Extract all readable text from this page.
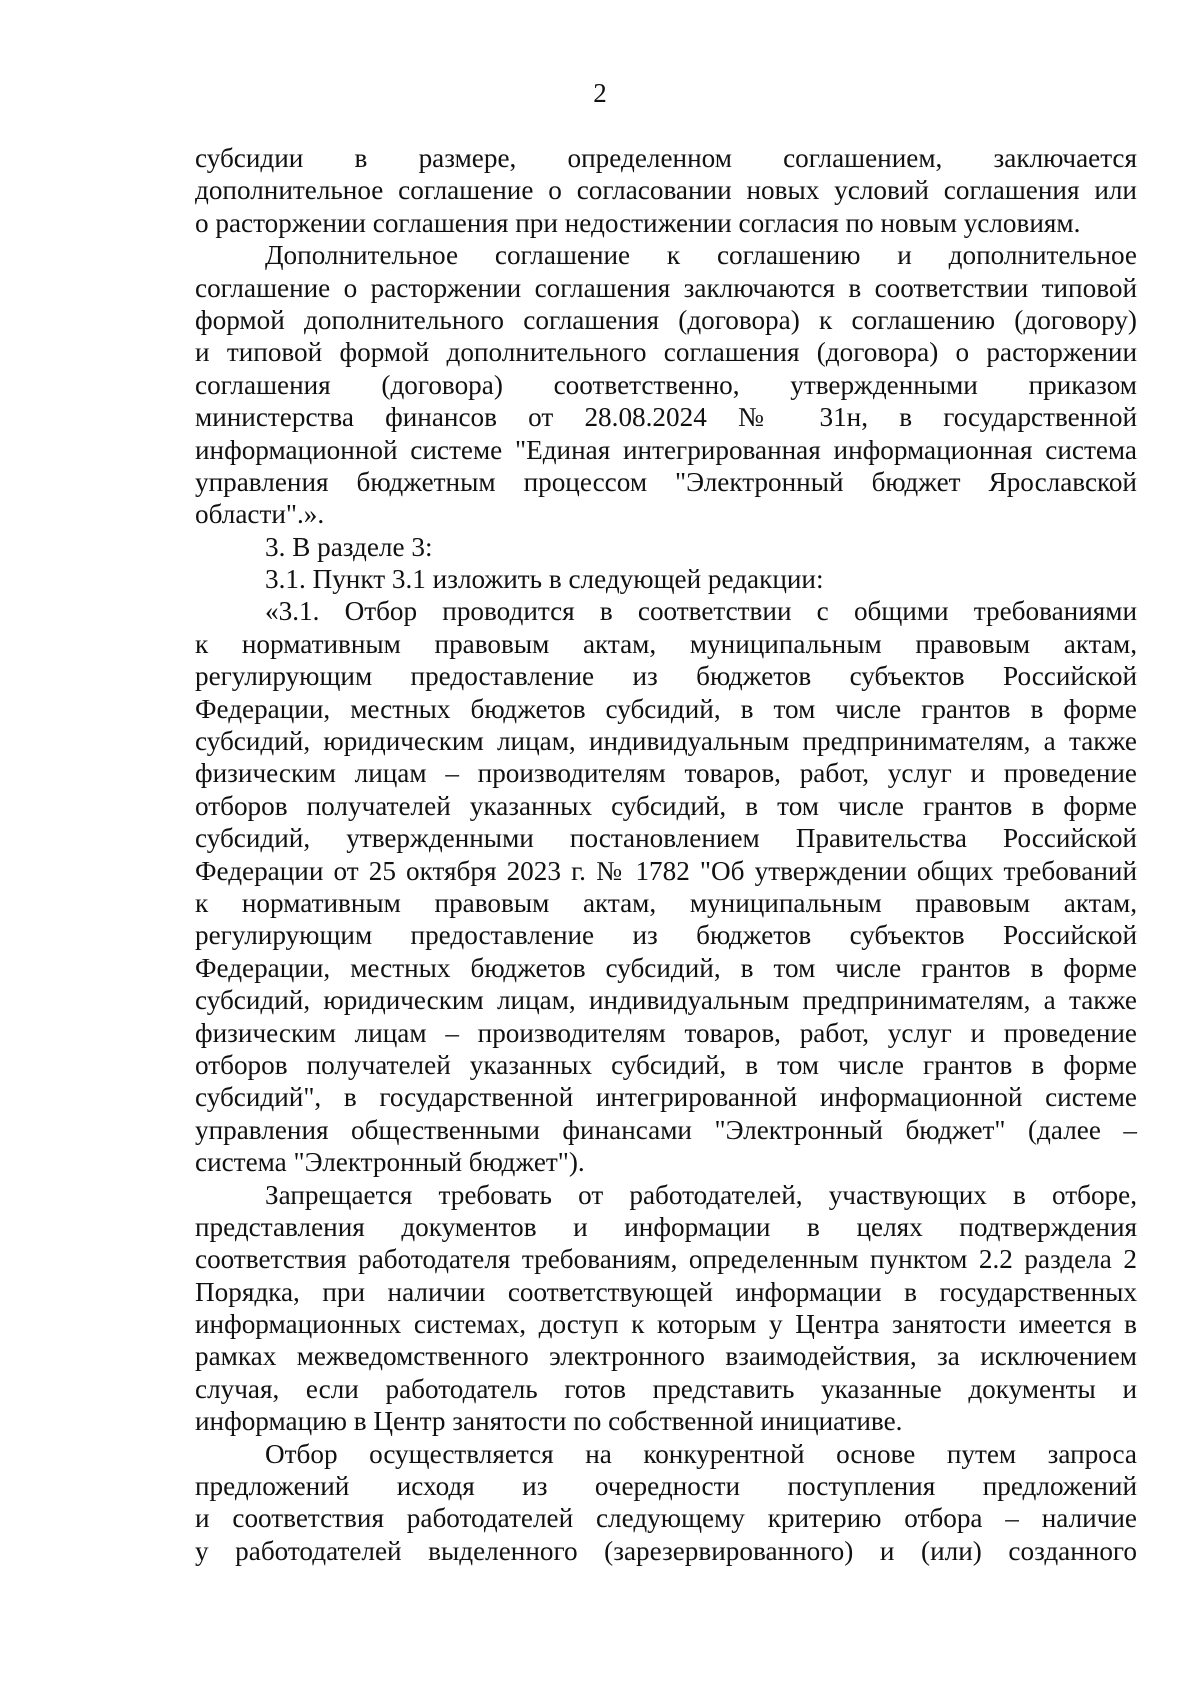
2
субсидии в размере, определенном соглашением, заключается
дополнительное соглашение о согласовании новых условий соглашения или
о расторжении соглашения при недостижении согласия по новым условиям.
Дополнительное соглашение к соглашению и дополнительное
соглашение о расторжении соглашения заключаются в соответствии типовой
формой дополнительного соглашения (договора) к соглашению (договору)
и типовой формой дополнительного соглашения (договора) о расторжении
соглашения (договора) соответственно, утвержденными приказом
министерства финансов от 28.08.2024 № 31н, в государственной
информационной системе "Единая интегрированная информационная система
управления бюджетным процессом "Электронный бюджет Ярославской
области".».
3. В разделе 3:
3.1. Пункт 3.1 изложить в следующей редакции:
«3.1. Отбор проводится в соответствии с общими требованиями
к нормативным правовым актам, муниципальным правовым актам,
регулирующим предоставление из бюджетов субъектов Российской
Федерации, местных бюджетов субсидий, в том числе грантов в форме
субсидий, юридическим лицам, индивидуальным предпринимателям, а также
физическим лицам – производителям товаров, работ, услуг и проведение
отборов получателей указанных субсидий, в том числе грантов в форме
субсидий, утвержденными постановлением Правительства Российской
Федерации от 25 октября 2023 г. № 1782 "Об утверждении общих требований
к нормативным правовым актам, муниципальным правовым актам,
регулирующим предоставление из бюджетов субъектов Российской
Федерации, местных бюджетов субсидий, в том числе грантов в форме
субсидий, юридическим лицам, индивидуальным предпринимателям, а также
физическим лицам – производителям товаров, работ, услуг и проведение
отборов получателей указанных субсидий, в том числе грантов в форме
субсидий", в государственной интегрированной информационной системе
управления общественными финансами "Электронный бюджет" (далее –
система "Электронный бюджет").
Запрещается требовать от работодателей, участвующих в отборе,
представления документов и информации в целях подтверждения
соответствия работодателя требованиям, определенным пунктом 2.2 раздела 2
Порядка, при наличии соответствующей информации в государственных
информационных системах, доступ к которым у Центра занятости имеется в
рамках межведомственного электронного взаимодействия, за исключением
случая, если работодатель готов представить указанные документы и
информацию в Центр занятости по собственной инициативе.
Отбор осуществляется на конкурентной основе путем запроса
предложений исходя из очередности поступления предложений
и соответствия работодателей следующему критерию отбора – наличие
у работодателей выделенного (зарезервированного) и (или) созданного
